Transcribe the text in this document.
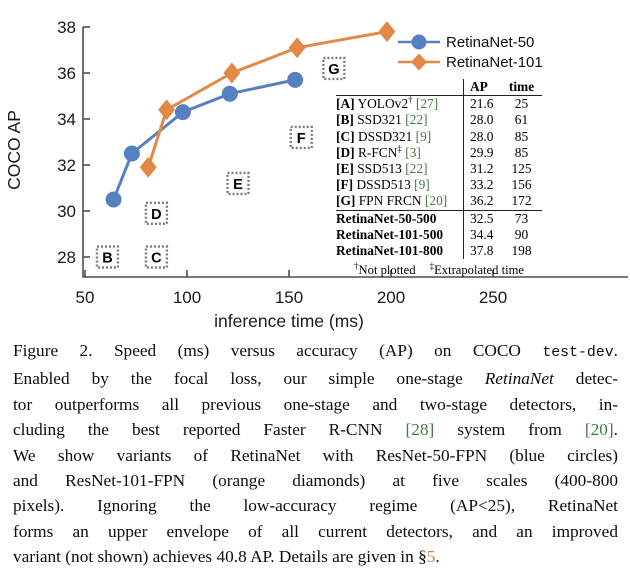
28
30
32
34
36
38
50	100	150	200	250
inference time (ms)
COCO AP
B	C
D
E
F
G
RetinaNet-50
RetinaNet-101
AP	time
[A] YOLOv2† [27]	21.6	25
[B] SSD321 [22]	28.0	61
[C] DSSD321 [9]	28.0	85
[D] R-FCN‡ [3]	29.9	85
[E] SSD513 [22]	31.2	125
[F] DSSD513 [9]	33.2	156
[G] FPN FRCN [20]	36.2	172
RetinaNet-50-500	32.5	73
RetinaNet-101-500	34.4	90
RetinaNet-101-800	37.8	198
†Not plotted ‡Extrapolated time
Figure 2. Speed (ms) versus accuracy (AP) on COCO test-dev.
Enabled by the focal loss, our simple one-stage RetinaNet detec-
tor outperforms all previous one-stage and two-stage detectors, in-
cluding the best reported Faster R-CNN [28] system from [20].
We show variants of RetinaNet with ResNet-50-FPN (blue circles)
and ResNet-101-FPN (orange diamonds) at five scales (400-800
pixels). Ignoring the low-accuracy regime (AP<25), RetinaNet
forms an upper envelope of all current detectors, and an improved
variant (not shown) achieves 40.8 AP. Details are given in §5.
